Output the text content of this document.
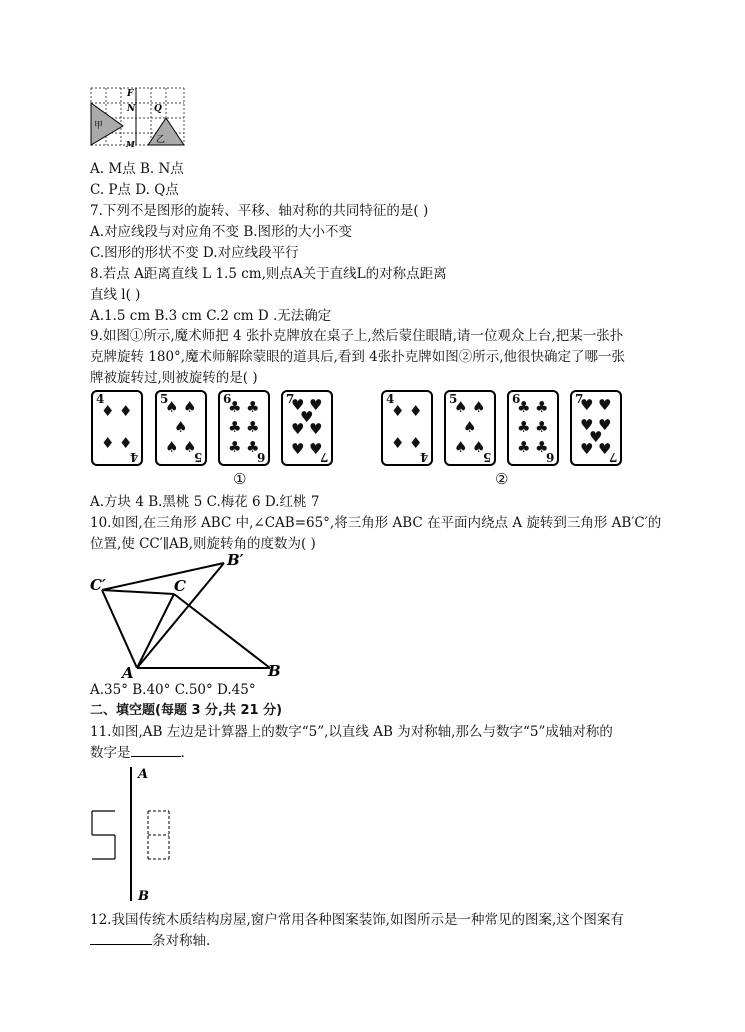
F
N Q
M
甲
乙
A. M点 B. N点
C. P点 D. Q点
7.下列不是图形的旋转、平移、轴对称的共同特征的是( )
A.对应线段与对应角不变 B.图形的大小不变
C.图形的形状不变 D.对应线段平行
8.若点 A距离直线 L 1.5 cm,则点A关于直线L的对称点距离
直线 l( )
A.1.5 cm B.3 cm C.2 cm D .无法确定
9.如图①所示,魔术师把 4 张扑克牌放在桌子上,然后蒙住眼睛,请一位观众上台,把某一张扑
克牌旋转 180°,魔术师解除蒙眼的道具后,看到 4张扑克牌如图②所示,他很快确定了哪一张
牌被旋转过,则被旋转的是( )
4
♦ ♦
♦ ♦
4
5
♠ ♠
♠
♠ ♠
5
6
♣ ♣
♣ ♣
♣ ♣
6
7
♥ ♥
♥
♥ ♥
♥ ♥
7
4
♦ ♦
♦ ♦
4
5
♠ ♠
♠
♠ ♠
5
6
♣ ♣
♣ ♣
♣ ♣
6
7
♥ ♥
♥ ♥
♥
♥ ♥
7
①	②
A.方块 4 B.黑桃 5 C.梅花 6 D.红桃 7
10.如图,在三角形 ABC 中,∠CAB=65°,将三角形 ABC 在平面内绕点 A 旋转到三角形 AB′C′的
位置,使 CC′∥AB,则旋转角的度数为( )
C′	C
B′
A	B
A.35° B.40° C.50° D.45°
二、填空题(每题 3 分,共 21 分)
11.如图,AB 左边是计算器上的数字“5”,以直线 AB 为对称轴,那么与数字“5”成轴对称的
数字是	.
A
B
12.我国传统木质结构房屋,窗户常用各种图案装饰,如图所示是一种常见的图案,这个图案有
条对称轴.
